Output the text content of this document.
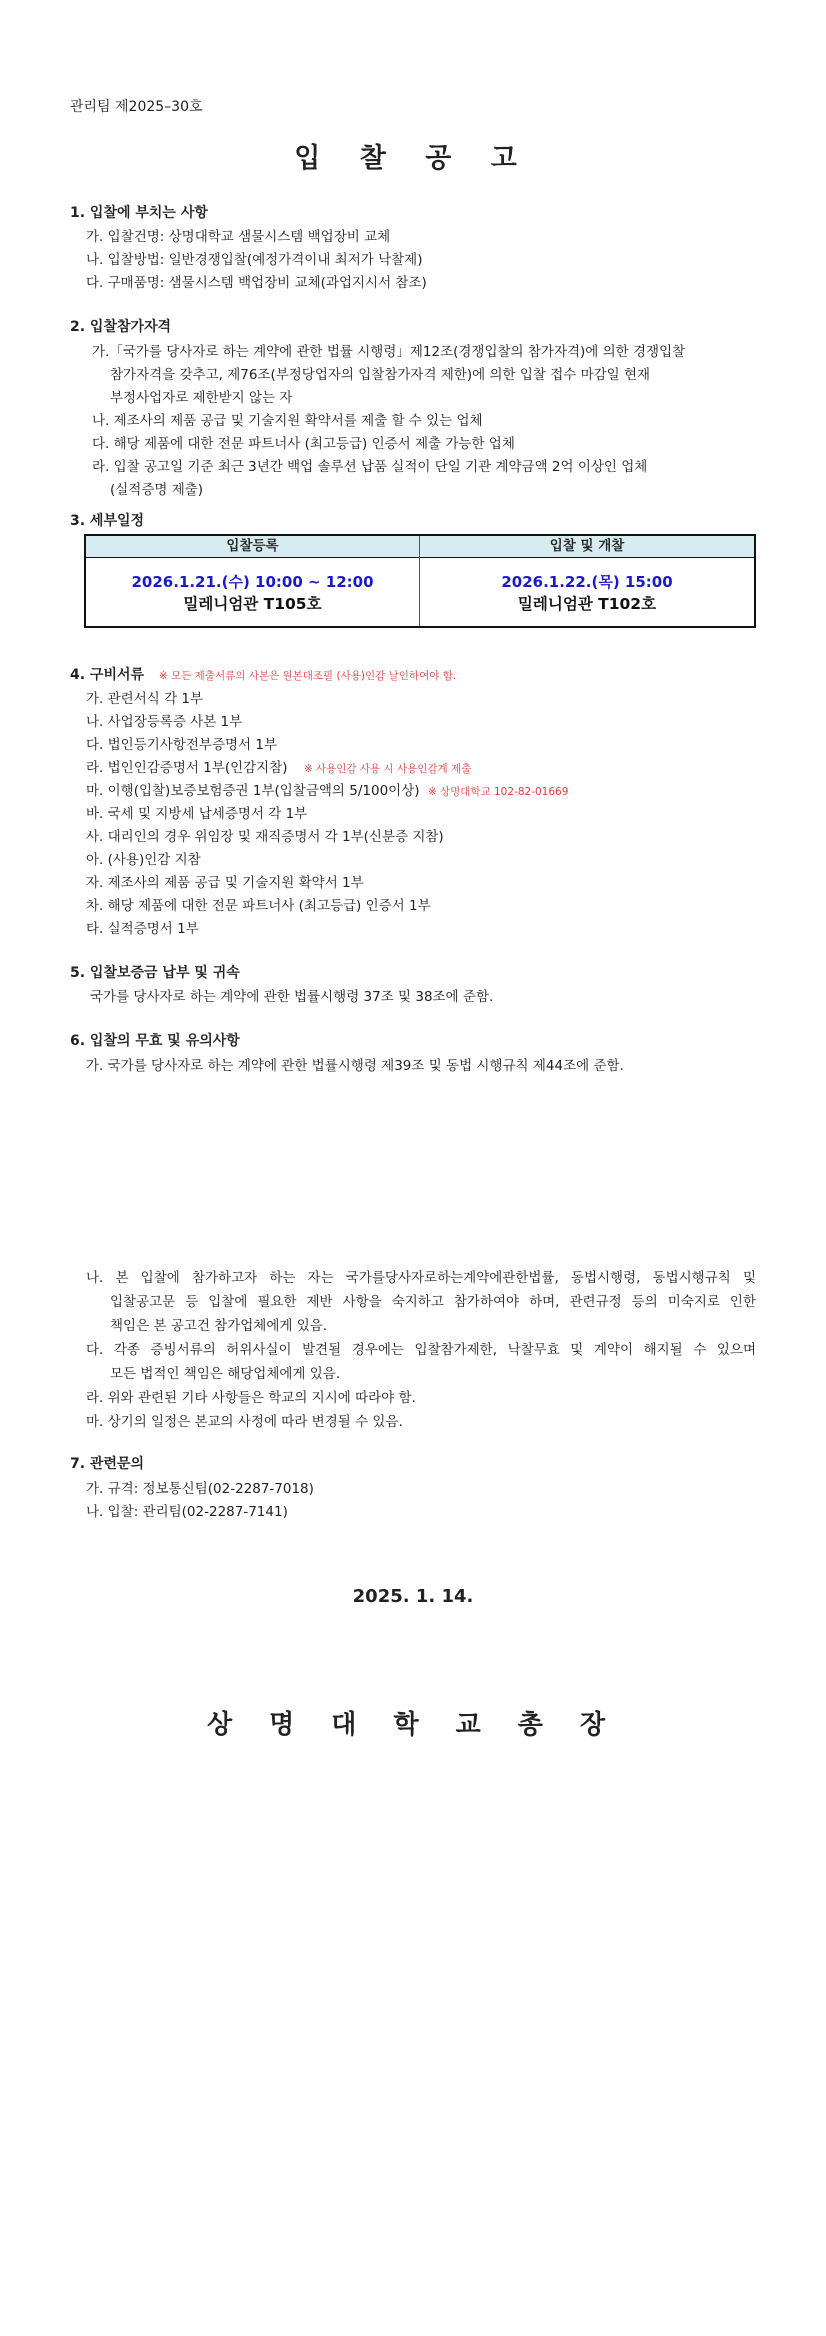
관리팀 제2025–30호
입 찰 공 고
1. 입찰에 부치는 사항
가. 입찰건명: 상명대학교 샘물시스템 백업장비 교체
나. 입찰방법: 일반경쟁입찰(예정가격이내 최저가 낙찰제)
다. 구매품명: 샘물시스템 백업장비 교체(과업지시서 참조)
2. 입찰참가자격
가.「국가를 당사자로 하는 계약에 관한 법률 시행령」제12조(경쟁입찰의 참가자격)에 의한 경쟁입찰
참가자격을 갖추고, 제76조(부정당업자의 입찰참가자격 제한)에 의한 입찰 접수 마감일 현재
부정사업자로 제한받지 않는 자
나. 제조사의 제품 공급 및 기술지원 확약서를 제출 할 수 있는 업체
다. 해당 제품에 대한 전문 파트너사 (최고등급) 인증서 제출 가능한 업체
라. 입찰 공고일 기준 최근 3년간 백업 솔루션 납품 실적이 단일 기관 계약금액 2억 이상인 업체
(실적증명 제출)
3. 세부일정
입찰등록	입찰 및 개찰
2026.1.21.(수) 10:00 ~ 12:00
밀레니엄관 T105호
2026.1.22.(목) 15:00
밀레니엄관 T102호
4. 구비서류 ※ 모든 제출서류의 사본은 원본대조필 (사용)인감 날인하여야 함.
가. 관련서식 각 1부
나. 사업장등록증 사본 1부
다. 법인등기사항전부증명서 1부
라. 법인인감증명서 1부(인감지참) ※ 사용인감 사용 시 사용인감계 제출
마. 이행(입찰)보증보험증권 1부(입찰금액의 5/100이상) ※ 상명대학교 102-82-01669
바. 국세 및 지방세 납세증명서 각 1부
사. 대리인의 경우 위임장 및 재직증명서 각 1부(신분증 지참)
아. (사용)인감 지참
자. 제조사의 제품 공급 및 기술지원 확약서 1부
차. 해당 제품에 대한 전문 파트너사 (최고등급) 인증서 1부
타. 실적증명서 1부
5. 입찰보증금 납부 및 귀속
국가를 당사자로 하는 계약에 관한 법률시행령 37조 및 38조에 준함.
6. 입찰의 무효 및 유의사항
가. 국가를 당사자로 하는 계약에 관한 법률시행령 제39조 및 동법 시행규칙 제44조에 준함.
나. 본 입찰에 참가하고자 하는 자는 국가를당사자로하는계약에관한법률, 동법시행령, 동법시행규칙 및
입찰공고문 등 입찰에 필요한 제반 사항을 숙지하고 참가하여야 하며, 관련규정 등의 미숙지로 인한
책임은 본 공고건 참가업체에게 있음.
다. 각종 증빙서류의 허위사실이 발견될 경우에는 입찰참가제한, 낙찰무효 및 계약이 해지될 수 있으며
모든 법적인 책임은 해당업체에게 있음.
라. 위와 관련된 기타 사항들은 학교의 지시에 따라야 함.
마. 상기의 일정은 본교의 사정에 따라 변경될 수 있음.
7. 관련문의
가. 규격: 정보통신팀(02-2287-7018)
나. 입찰: 관리팀(02-2287-7141)
2025. 1. 14.
상 명 대 학 교 총 장
